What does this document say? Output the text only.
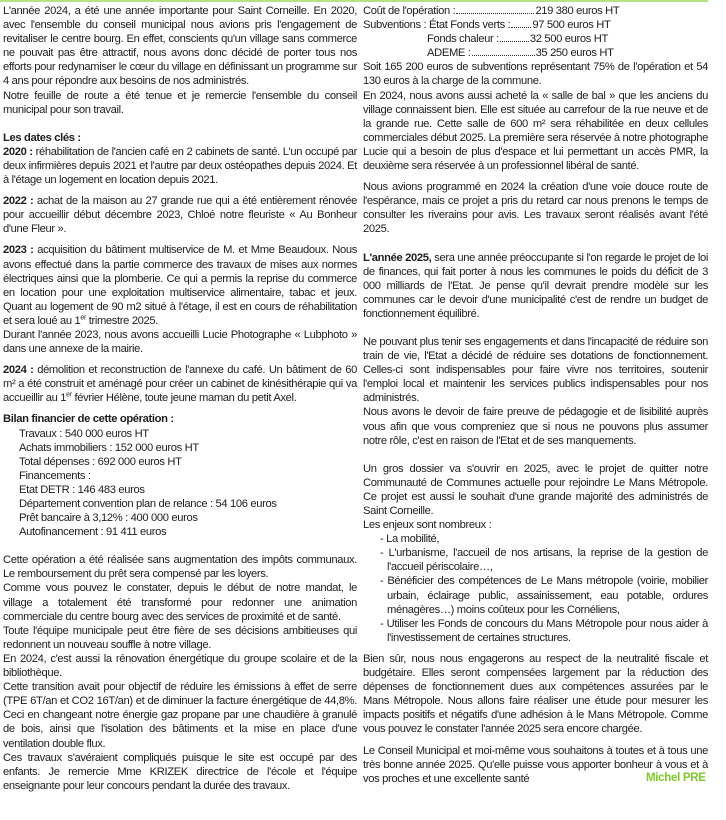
L'année 2024, a été une année importante pour Saint Corneille. En 2020, avec l'ensemble du conseil municipal nous avions pris l'engagement de revitaliser le centre bourg. En effet, conscients qu'un village sans commerce ne pouvait pas être attractif, nous avons donc décidé de porter tous nos efforts pour redynamiser le cœur du village en définissant un programme sur 4 ans pour répondre aux besoins de nos administrés.

Notre feuille de route a été tenue et je remercie l'ensemble du conseil municipal pour son travail.

Les dates clés :

2020 : réhabilitation de l'ancien café en 2 cabinets de santé. L'un occupé par deux infirmières depuis 2021 et l'autre par deux ostéopathes depuis 2024. Et à l'étage un logement en location depuis 2021.

2022 : achat de la maison au 27 grande rue qui a été entièrement rénovée pour accueillir début décembre 2023, Chloé notre fleuriste « Au Bonheur d'une Fleur ».

2023 : acquisition du bâtiment multiservice de M. et Mme Beaudoux. Nous avons effectué dans la partie commerce des travaux de mises aux normes électriques ainsi que la plomberie. Ce qui a permis la reprise du commerce en location pour une exploitation multiservice alimentaire, tabac et jeux. Quant au logement de 90 m2 situé à l'étage, il est en cours de réhabilitation et sera loué au 1er trimestre 2025.

Durant l'année 2023, nous avons accueilli Lucie Photographe « Lubphoto » dans une annexe de la mairie.

2024 : démolition et reconstruction de l'annexe du café. Un bâtiment de 60 m² a été construit et aménagé pour créer un cabinet de kinésithérapie qui va accueillir au 1er février Hélène, toute jeune maman du petit Axel.

Bilan financier de cette opération :

Travaux : 540 000 euros HT

Achats immobiliers : 152 000 euros HT

Total dépenses : 692 000 euros HT

Financements :

Etat DETR : 146 483 euros

Département convention plan de relance : 54 106 euros

Prêt bancaire à 3,12% : 400 000 euros

Autofinancement : 91 411 euros

Cette opération a été réalisée sans augmentation des impôts communaux. Le remboursement du prêt sera compensé par les loyers.

Comme vous pouvez le constater, depuis le début de notre mandat, le village a totalement été transformé pour redonner une animation commerciale du centre bourg avec des services de proximité et de santé.

Toute l'équipe municipale peut être fière de ses décisions ambitieuses qui redonnent un nouveau souffle à notre village.

En 2024, c'est aussi la rénovation énergétique du groupe scolaire et de la bibliothèque.

Cette transition avait pour objectif de réduire les émissions à effet de serre (TPE 6T/an et CO2 16T/an) et de diminuer la facture énergétique de 44,8%. Ceci en changeant notre énergie gaz propane par une chaudière à granulé de bois, ainsi que l'isolation des bâtiments et la mise en place d'une ventilation double flux.

Ces travaux s'avéraient compliqués puisque le site est occupé par des enfants. Je remercie Mme KRIZEK directrice de l'école et l'équipe enseignante pour leur concours pendant la durée des travaux.

Coût de l'opération :	219 380 euros HT
Subventions : État Fonds verts : 97 500 euros HT
Fonds chaleur :	32 500 euros HT
ADEME :	35 250 euros HT

Soit 165 200 euros de subventions représentant 75% de l'opération et 54 130 euros à la charge de la commune.

En 2024, nous avons aussi acheté la « salle de bal » que les anciens du village connaissent bien. Elle est située au carrefour de la rue neuve et de la grande rue. Cette salle de 600 m² sera réhabilitée en deux cellules commerciales début 2025. La première sera réservée à notre photographe Lucie qui a besoin de plus d'espace et lui permettant un accès PMR, la deuxième sera réservée à un professionnel libéral de santé.

Nous avions programmé en 2024 la création d'une voie douce route de l'espérance, mais ce projet a pris du retard car nous prenons le temps de consulter les riverains pour avis. Les travaux seront réalisés avant l'été 2025.

L'année 2025, sera une année préoccupante si l'on regarde le projet de loi de finances, qui fait porter à nous les communes le poids du déficit de 3 000 milliards de l'Etat. Je pense qu'il devrait prendre modèle sur les communes car le devoir d'une municipalité c'est de rendre un budget de fonctionnement équilibré.

Ne pouvant plus tenir ses engagements et dans l'incapacité de réduire son train de vie, l'Etat a décidé de réduire ses dotations de fonctionnement. Celles-ci sont indispensables pour faire vivre nos territoires, soutenir l'emploi local et maintenir les services publics indispensables pour nos administrés.

Nous avons le devoir de faire preuve de pédagogie et de lisibilité auprès vous afin que vous compreniez que si nous ne pouvons plus assumer notre rôle, c'est en raison de l'Etat et de ses manquements.

Un gros dossier va s'ouvrir en 2025, avec le projet de quitter notre Communauté de Communes actuelle pour rejoindre Le Mans Métropole. Ce projet est aussi le souhait d'une grande majorité des administrés de Saint Corneille.

Les enjeux sont nombreux :

- La mobilité,
- L'urbanisme, l'accueil de nos artisans, la reprise de la gestion de l'accueil périscolaire…,
- Bénéficier des compétences de Le Mans métropole (voirie, mobilier urbain, éclairage public, assainissement, eau potable, ordures ménagères…) moins coûteux pour les Cornéliens,
- Utiliser les Fonds de concours du Mans Métropole pour nous aider à l'investissement de certaines structures.

Bien sûr, nous nous engagerons au respect de la neutralité fiscale et budgétaire. Elles seront compensées largement par la réduction des dépenses de fonctionnement dues aux compétences assurées par le Mans Métropole. Nous allons faire réaliser une étude pour mesurer les impacts positifs et négatifs d'une adhésion à le Mans Métropole. Comme vous pouvez le constater l'année 2025 sera encore chargée.

Le Conseil Municipal et moi-même vous souhaitons à toutes et à tous une très bonne année 2025. Qu'elle puisse vous apporter bonheur à vous et à vos proches et une excellente santé	Michel PRE
